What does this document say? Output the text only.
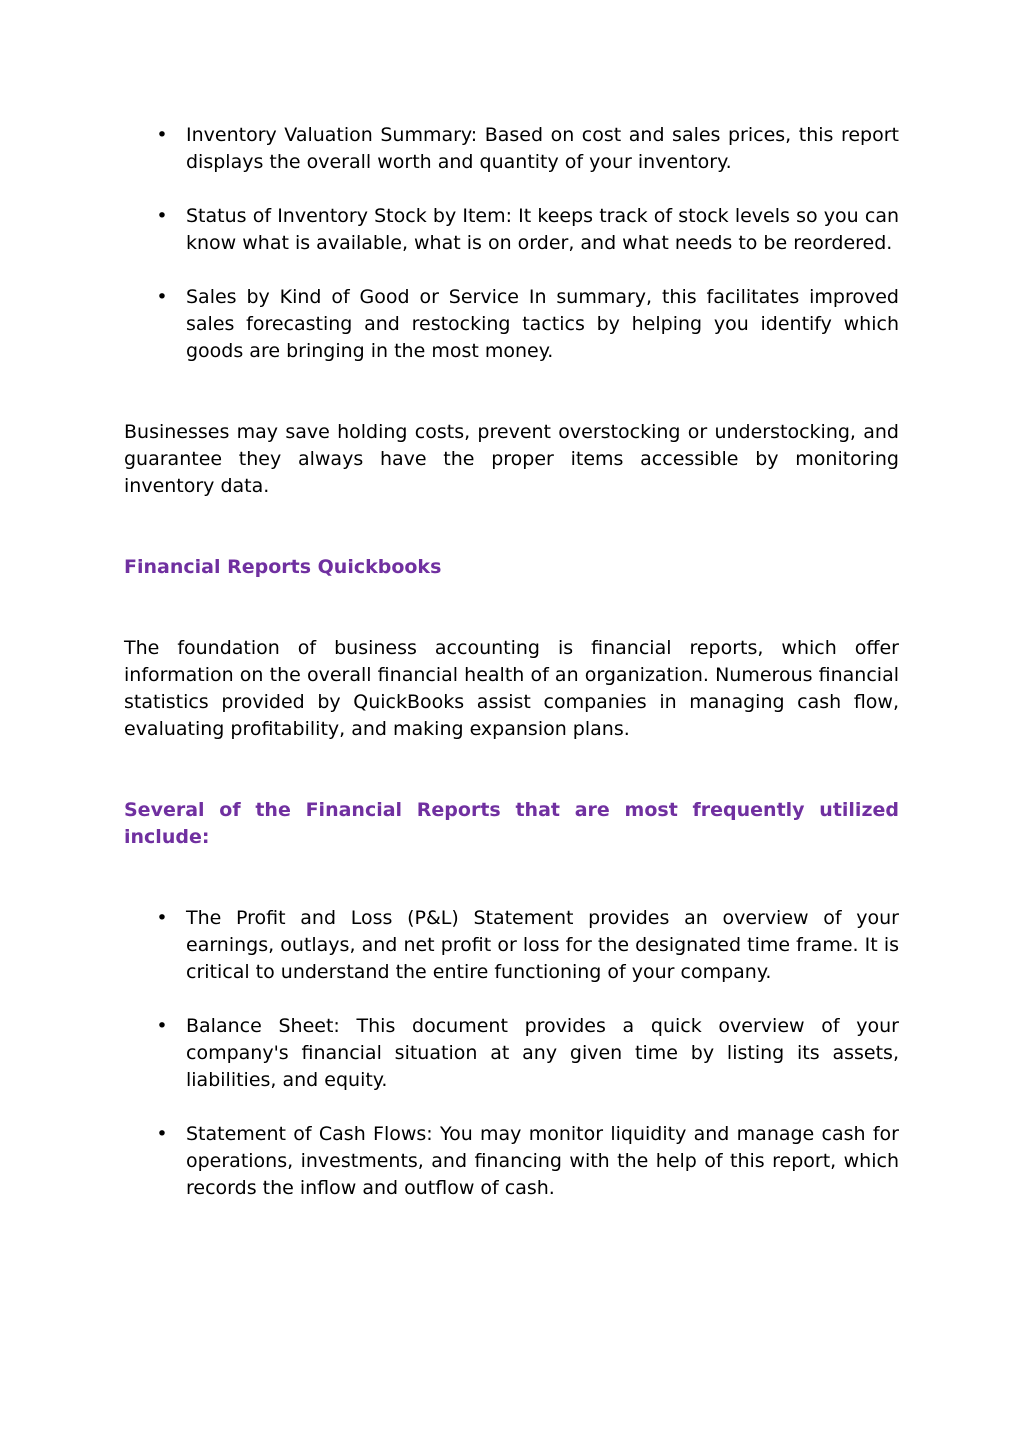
• Inventory Valuation Summary: Based on cost and sales prices, this report displays the overall worth and quantity of your inventory.
• Status of Inventory Stock by Item: It keeps track of stock levels so you can know what is available, what is on order, and what needs to be reordered.
• Sales by Kind of Good or Service In summary, this facilitates improved sales forecasting and restocking tactics by helping you identify which goods are bringing in the most money.

Businesses may save holding costs, prevent overstocking or understocking, and guarantee they always have the proper items accessible by monitoring inventory data.

Financial Reports Quickbooks

The foundation of business accounting is financial reports, which offer information on the overall financial health of an organization. Numerous financial statistics provided by QuickBooks assist companies in managing cash flow, evaluating profitability, and making expansion plans.

Several of the Financial Reports that are most frequently utilized include:
• The Profit and Loss (P&L) Statement provides an overview of your earnings, outlays, and net profit or loss for the designated time frame. It is critical to understand the entire functioning of your company.
• Balance Sheet: This document provides a quick overview of your company's financial situation at any given time by listing its assets, liabilities, and equity.
• Statement of Cash Flows: You may monitor liquidity and manage cash for operations, investments, and financing with the help of this report, which records the inflow and outflow of cash.
